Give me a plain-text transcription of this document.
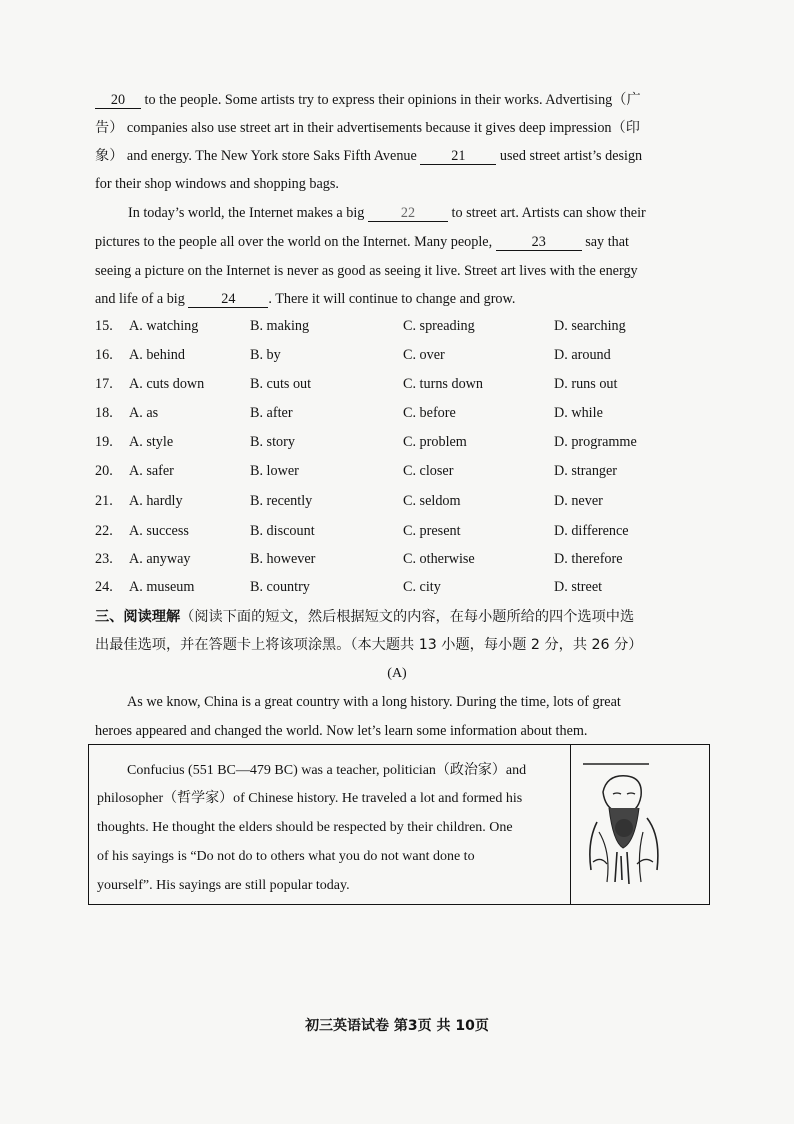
20 to the people. Some artists try to express their opinions in their works. Advertising（广
告） companies also use street art in their advertisements because it gives deep impression（印
象） and energy. The New York store Saks Fifth Avenue 21 used street artist’s design
for their shop windows and shopping bags.
In today’s world, the Internet makes a big 22 to street art. Artists can show their
pictures to the people all over the world on the Internet. Many people,	23	say that
seeing a picture on the Internet is never as good as seeing it live. Street art lives with the energy
and life of a big 24 . There it will continue to change and grow.
15. A. watching	B. making	C. spreading	D. searching
16. A. behind	B. by	C. over	D. around
17. A. cuts down	B. cuts out	C. turns down	D. runs out
18. A. as	B. after	C. before	D. while
19. A. style	B. story	C. problem	D. programme
20. A. safer	B. lower	C. closer	D. stranger
21. A. hardly	B. recently	C. seldom	D. never
22. A. success	B. discount	C. present	D. difference
23. A. anyway	B. however	C. otherwise	D. therefore
24. A. museum	B. country	C. city	D. street
三、阅读理解（阅读下面的短文，然后根据短文的内容，在每小题所给的四个选项中选
出最佳选项，并在答题卡上将该项涂黑。（本大题共 13 小题，每小题 2 分，共 26 分）
(A)
As we know, China is a great country with a long history. During the time, lots of great
heroes appeared and changed the world. Now let’s learn some information about them.
Confucius (551 BC—479 BC) was a teacher, politician（政治家）and
philosopher（哲学家）of Chinese history. He traveled a lot and formed his
thoughts. He thought the elders should be respected by their children. One
of his sayings is “Do not do to others what you do not want done to
yourself”. His sayings are still popular today.
初三英语试卷 第3页 共 10页
